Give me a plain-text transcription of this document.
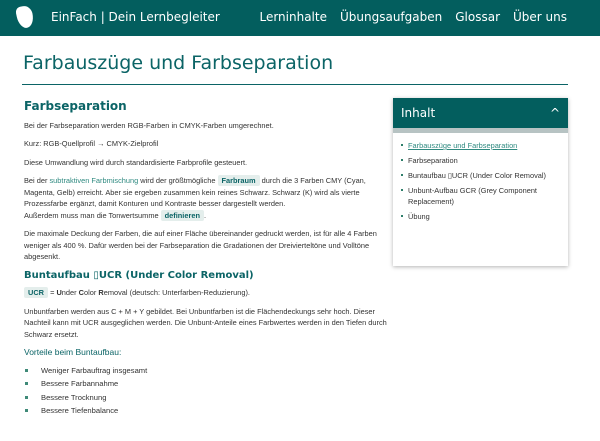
EinFach | Dein Lernbegleiter	Lerninhalte Übungsaufgaben Glossar Über uns
Farbauszüge und Farbseparation
Farbseparation

Bei der Farbseparation werden RGB-Farben in CMYK-Farben umgerechnet.

Kurz: RGB-Quellprofil → CMYK-Zielprofil

Diese Umwandlung wird durch standardisierte Farbprofile gesteuert.

Bei der subtraktiven Farbmischung wird der größtmögliche Farbraum durch die 3 Farben CMY (Cyan, Magenta, Gelb) erreicht. Aber sie ergeben zusammen kein reines Schwarz. Schwarz (K) wird als vierte Prozessfarbe ergänzt, damit Konturen und Kontraste besser dargestellt werden.
Außerdem muss man die Tonwertsumme definieren .

Die maximale Deckung der Farben, die auf einer Fläche übereinander gedruckt werden, ist für alle 4 Farben weniger als 400 %. Dafür werden bei der Farbseparation die Gradationen der Dreivierteltöne und Volltöne abgesenkt.

Buntaufbau ▯UCR (Under Color Removal)

UCR = Under Color Removal (deutsch: Unterfarben-Reduzierung).

Unbuntfarben werden aus C + M + Y gebildet. Bei Unbuntfarben ist die Flächendeckungs sehr hoch. Dieser Nachteil kann mit UCR ausgeglichen werden. Die Unbunt-Anteile eines Farbwertes werden in den Tiefen durch Schwarz ersetzt.

Vorteile beim Buntaufbau:
Weniger Farbauftrag insgesamt
Bessere Farbannahme
Bessere Trocknung
Bessere Tiefenbalance
Inhalt	^
Farbauszüge und Farbseparation
Farbseparation
Buntaufbau ▯UCR (Under Color Removal)
Unbunt-Aufbau GCR (Grey Component Replacement)
Übung
